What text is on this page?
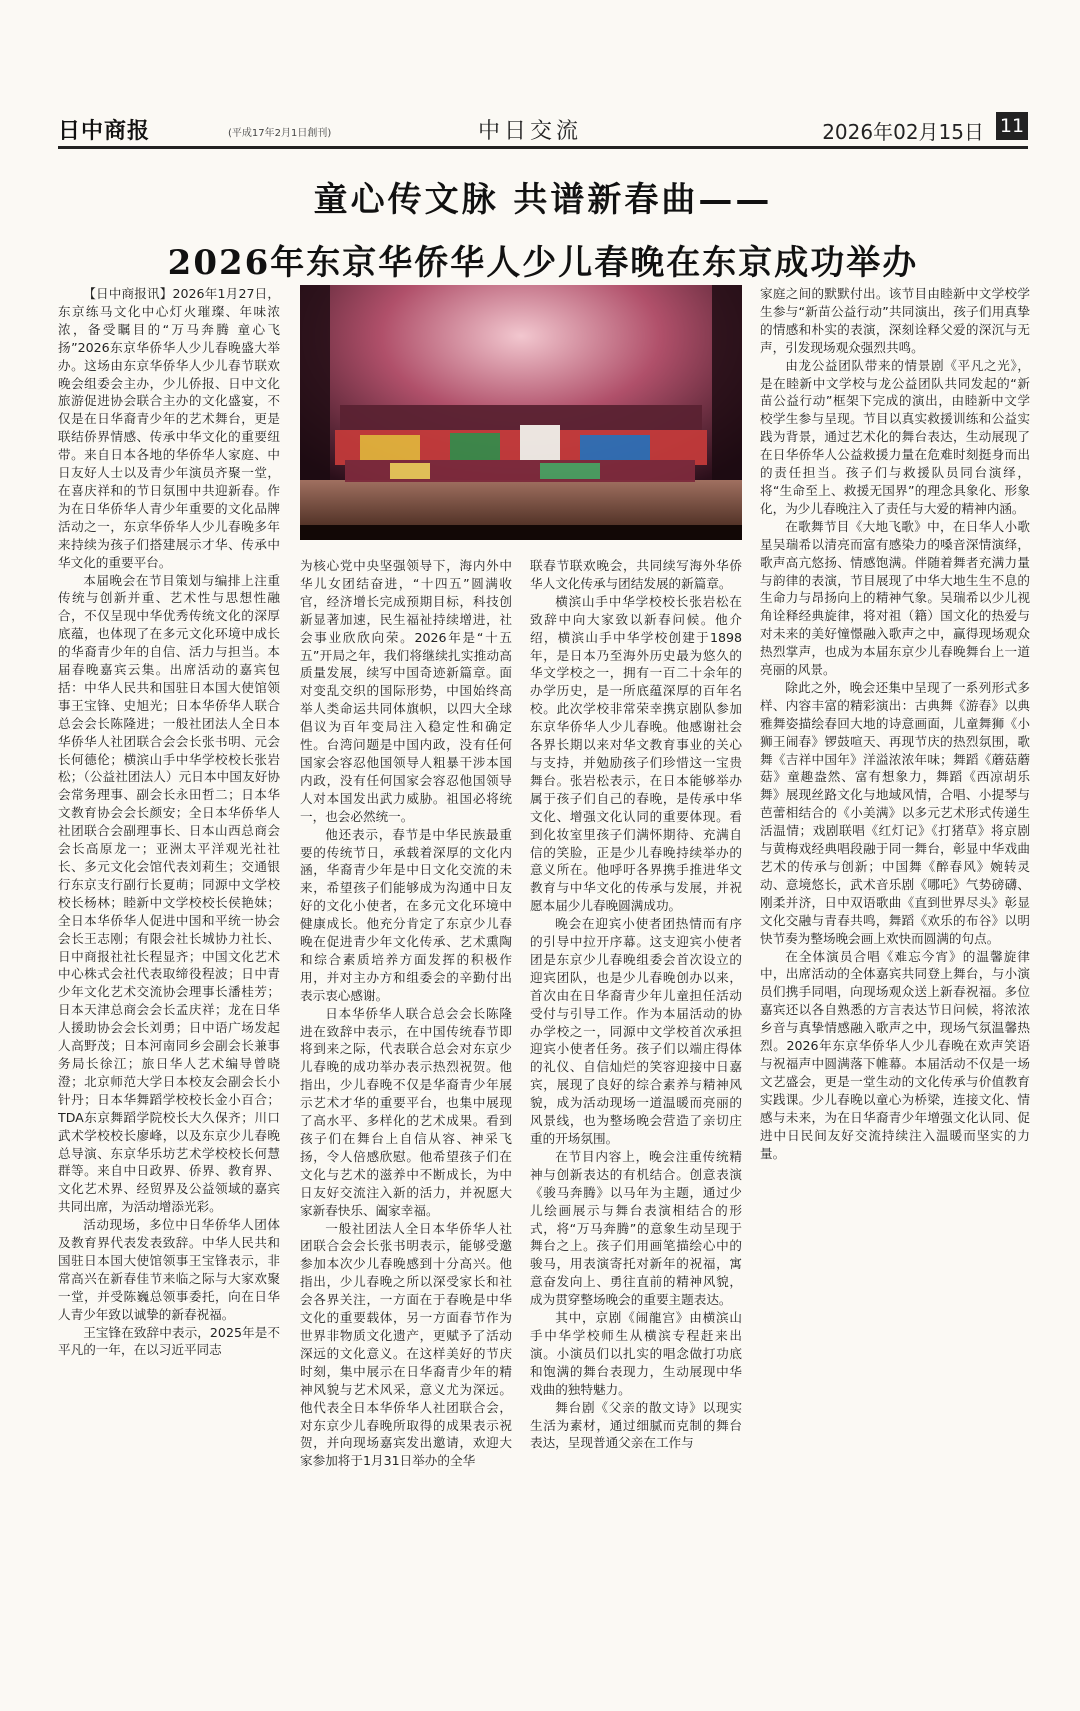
日中商报	(平成17年2月1日創刊)	中日交流	2026年02月15日 11
童心传文脉 共谱新春曲——
2026年东京华侨华人少儿春晚在东京成功举办

【日中商报讯】2026年1月27日，东京练马文化中心灯火璀璨、年味浓浓，备受瞩目的“万马奔腾 童心飞扬”2026东京华侨华人少儿春晚盛大举办。这场由东京华侨华人少儿春节联欢晚会组委会主办，少儿侨报、日中文化旅游促进协会联合主办的文化盛宴，不仅是在日华裔青少年的艺术舞台，更是联结侨界情感、传承中华文化的重要纽带。来自日本各地的华侨华人家庭、中日友好人士以及青少年演员齐聚一堂，在喜庆祥和的节日氛围中共迎新春。作为在日华侨华人青少年重要的文化品牌活动之一，东京华侨华人少儿春晚多年来持续为孩子们搭建展示才华、传承中华文化的重要平台。

本届晚会在节目策划与编排上注重传统与创新并重、艺术性与思想性融合，不仅呈现中华优秀传统文化的深厚底蕴，也体现了在多元文化环境中成长的华裔青少年的自信、活力与担当。本届春晚嘉宾云集。出席活动的嘉宾包括：中华人民共和国驻日本国大使馆领事王宝锋、史旭光；日本华侨华人联合总会会长陈隆进；一般社团法人全日本华侨华人社团联合会会长张书明、元会长何德伦；横滨山手中华学校校长张岩松；（公益社团法人）元日本中国友好协会常务理事、副会长永田哲二；日本华文教育协会会长颜安；全日本华侨华人社团联合会副理事长、日本山西总商会会长高原龙一；亚洲太平洋观光社社长、多元文化会馆代表刘莉生；交通银行东京支行副行长夏萌；同源中文学校校长杨林；睦新中文学校校长侯艳妹；全日本华侨华人促进中国和平统一协会会长王志刚；有限会社长城协力社长、日中商报社社长程显齐；中国文化艺术中心株式会社代表取缔役程波；日中青少年文化艺术交流协会理事长潘桂芳；日本天津总商会会长孟庆祥；龙在日华人援助协会会长刘勇；日中语广场发起人高野茂；日本河南同乡会副会长兼事务局长徐江；旅日华人艺术编导曾晓澄；北京师范大学日本校友会副会长小针丹；日本华舞蹈学校校长金小百合；TDA东京舞蹈学院校长大久保齐；川口武术学校校长廖峰，以及东京少儿春晚总导演、东京华乐坊艺术学校校长何慧群等。来自中日政界、侨界、教育界、文化艺术界、经贸界及公益领域的嘉宾共同出席，为活动增添光彩。

活动现场，多位中日华侨华人团体及教育界代表发表致辞。中华人民共和国驻日本国大使馆领事王宝锋表示，非常高兴在新春佳节来临之际与大家欢聚一堂，并受陈巍总领事委托，向在日华人青少年致以诚挚的新春祝福。

王宝锋在致辞中表示，2025年是不平凡的一年，在以习近平同志

为核心党中央坚强领导下，海内外中华儿女团结奋进，“十四五”圆满收官，经济增长完成预期目标，科技创新显著加速，民生福祉持续增进，社会事业欣欣向荣。2026年是“十五五”开局之年，我们将继续扎实推动高质量发展，续写中国奇迹新篇章。面对变乱交织的国际形势，中国始终高举人类命运共同体旗帜，以四大全球倡议为百年变局注入稳定性和确定性。台湾问题是中国内政，没有任何国家会容忍他国领导人粗暴干涉本国内政，没有任何国家会容忍他国领导人对本国发出武力威胁。祖国必将统一，也会必然统一。

他还表示，春节是中华民族最重要的传统节日，承载着深厚的文化内涵，华裔青少年是中日文化交流的未来，希望孩子们能够成为沟通中日友好的文化小使者，在多元文化环境中健康成长。他充分肯定了东京少儿春晚在促进青少年文化传承、艺术熏陶和综合素质培养方面发挥的积极作用，并对主办方和组委会的辛勤付出表示衷心感谢。

日本华侨华人联合总会会长陈隆进在致辞中表示，在中国传统春节即将到来之际，代表联合总会对东京少儿春晚的成功举办表示热烈祝贺。他指出，少儿春晚不仅是华裔青少年展示艺术才华的重要平台，也集中展现了高水平、多样化的艺术成果。看到孩子们在舞台上自信从容、神采飞扬，令人倍感欣慰。他希望孩子们在文化与艺术的滋养中不断成长，为中日友好交流注入新的活力，并祝愿大家新春快乐、阖家幸福。

一般社团法人全日本华侨华人社团联合会会长张书明表示，能够受邀参加本次少儿春晚感到十分高兴。他指出，少儿春晚之所以深受家长和社会各界关注，一方面在于春晚是中华文化的重要载体，另一方面春节作为世界非物质文化遗产，更赋予了活动深远的文化意义。在这样美好的节庆时刻，集中展示在日华裔青少年的精神风貌与艺术风采，意义尤为深远。他代表全日本华侨华人社团联合会，对东京少儿春晚所取得的成果表示祝贺，并向现场嘉宾发出邀请，欢迎大家参加将于1月31日举办的全华

联春节联欢晚会，共同续写海外华侨华人文化传承与团结发展的新篇章。

横滨山手中华学校校长张岩松在致辞中向大家致以新春问候。他介绍，横滨山手中华学校创建于1898年，是日本乃至海外历史最为悠久的华文学校之一，拥有一百二十余年的办学历史，是一所底蕴深厚的百年名校。此次学校非常荣幸携京剧队参加东京华侨华人少儿春晚。他感谢社会各界长期以来对华文教育事业的关心与支持，并勉励孩子们珍惜这一宝贵舞台。张岩松表示，在日本能够举办属于孩子们自己的春晚，是传承中华文化、增强文化认同的重要体现。看到化妆室里孩子们满怀期待、充满自信的笑脸，正是少儿春晚持续举办的意义所在。他呼吁各界携手推进华文教育与中华文化的传承与发展，并祝愿本届少儿春晚圆满成功。

晚会在迎宾小使者团热情而有序的引导中拉开序幕。这支迎宾小使者团是东京少儿春晚组委会首次设立的迎宾团队，也是少儿春晚创办以来，首次由在日华裔青少年儿童担任活动受付与引导工作。作为本届活动的协办学校之一，同源中文学校首次承担迎宾小使者任务。孩子们以端庄得体的礼仪、自信灿烂的笑容迎接中日嘉宾，展现了良好的综合素养与精神风貌，成为活动现场一道温暖而亮丽的风景线，也为整场晚会营造了亲切庄重的开场氛围。

在节目内容上，晚会注重传统精神与创新表达的有机结合。创意表演《骏马奔腾》以马年为主题，通过少儿绘画展示与舞台表演相结合的形式，将“万马奔腾”的意象生动呈现于舞台之上。孩子们用画笔描绘心中的骏马，用表演寄托对新年的祝福，寓意奋发向上、勇往直前的精神风貌，成为贯穿整场晚会的重要主题表达。

其中，京剧《闹龍宫》由横滨山手中华学校师生从横滨专程赶来出演。小演员们以扎实的唱念做打功底和饱满的舞台表现力，生动展现中华戏曲的独特魅力。

舞台剧《父亲的散文诗》以现实生活为素材，通过细腻而克制的舞台表达，呈现普通父亲在工作与

家庭之间的默默付出。该节目由睦新中文学校学生参与“新苗公益行动”共同演出，孩子们用真挚的情感和朴实的表演，深刻诠释父爱的深沉与无声，引发现场观众强烈共鸣。

由龙公益团队带来的情景剧《平凡之光》，是在睦新中文学校与龙公益团队共同发起的“新苗公益行动”框架下完成的演出，由睦新中文学校学生参与呈现。节目以真实救援训练和公益实践为背景，通过艺术化的舞台表达，生动展现了在日华侨华人公益救援力量在危难时刻挺身而出的责任担当。孩子们与救援队员同台演绎，将“生命至上、救援无国界”的理念具象化、形象化，为少儿春晚注入了责任与大爱的精神内涵。

在歌舞节目《大地飞歌》中，在日华人小歌星吴瑞希以清亮而富有感染力的嗓音深情演绎，歌声高亢悠扬、情感饱满。伴随着舞者充满力量与韵律的表演，节目展现了中华大地生生不息的生命力与昂扬向上的精神气象。吴瑞希以少儿视角诠释经典旋律，将对祖（籍）国文化的热爱与对未来的美好憧憬融入歌声之中，赢得现场观众热烈掌声，也成为本届东京少儿春晚舞台上一道亮丽的风景。

除此之外，晚会还集中呈现了一系列形式多样、内容丰富的精彩演出：古典舞《游春》以典雅舞姿描绘春回大地的诗意画面，儿童舞狮《小狮王闹春》锣鼓喧天、再现节庆的热烈氛围，歌舞《吉祥中国年》洋溢浓浓年味；舞蹈《蘑菇蘑菇》童趣盎然、富有想象力，舞蹈《西凉胡乐舞》展现丝路文化与地域风情，合唱、小提琴与芭蕾相结合的《小美满》以多元艺术形式传递生活温情；戏剧联唱《红灯记》《打猪草》将京剧与黄梅戏经典唱段融于同一舞台，彰显中华戏曲艺术的传承与创新；中国舞《醉春风》婉转灵动、意境悠长，武术音乐剧《哪吒》气势磅礴、刚柔并济，日中双语歌曲《直到世界尽头》彰显文化交融与青春共鸣，舞蹈《欢乐的布谷》以明快节奏为整场晚会画上欢快而圆满的句点。

在全体演员合唱《难忘今宵》的温馨旋律中，出席活动的全体嘉宾共同登上舞台，与小演员们携手同唱，向现场观众送上新春祝福。多位嘉宾还以各自熟悉的方言表达节日问候，将浓浓乡音与真挚情感融入歌声之中，现场气氛温馨热烈。2026年东京华侨华人少儿春晚在欢声笑语与祝福声中圆满落下帷幕。本届活动不仅是一场文艺盛会，更是一堂生动的文化传承与价值教育实践课。少儿春晚以童心为桥梁，连接文化、情感与未来，为在日华裔青少年增强文化认同、促进中日民间友好交流持续注入温暖而坚实的力量。
